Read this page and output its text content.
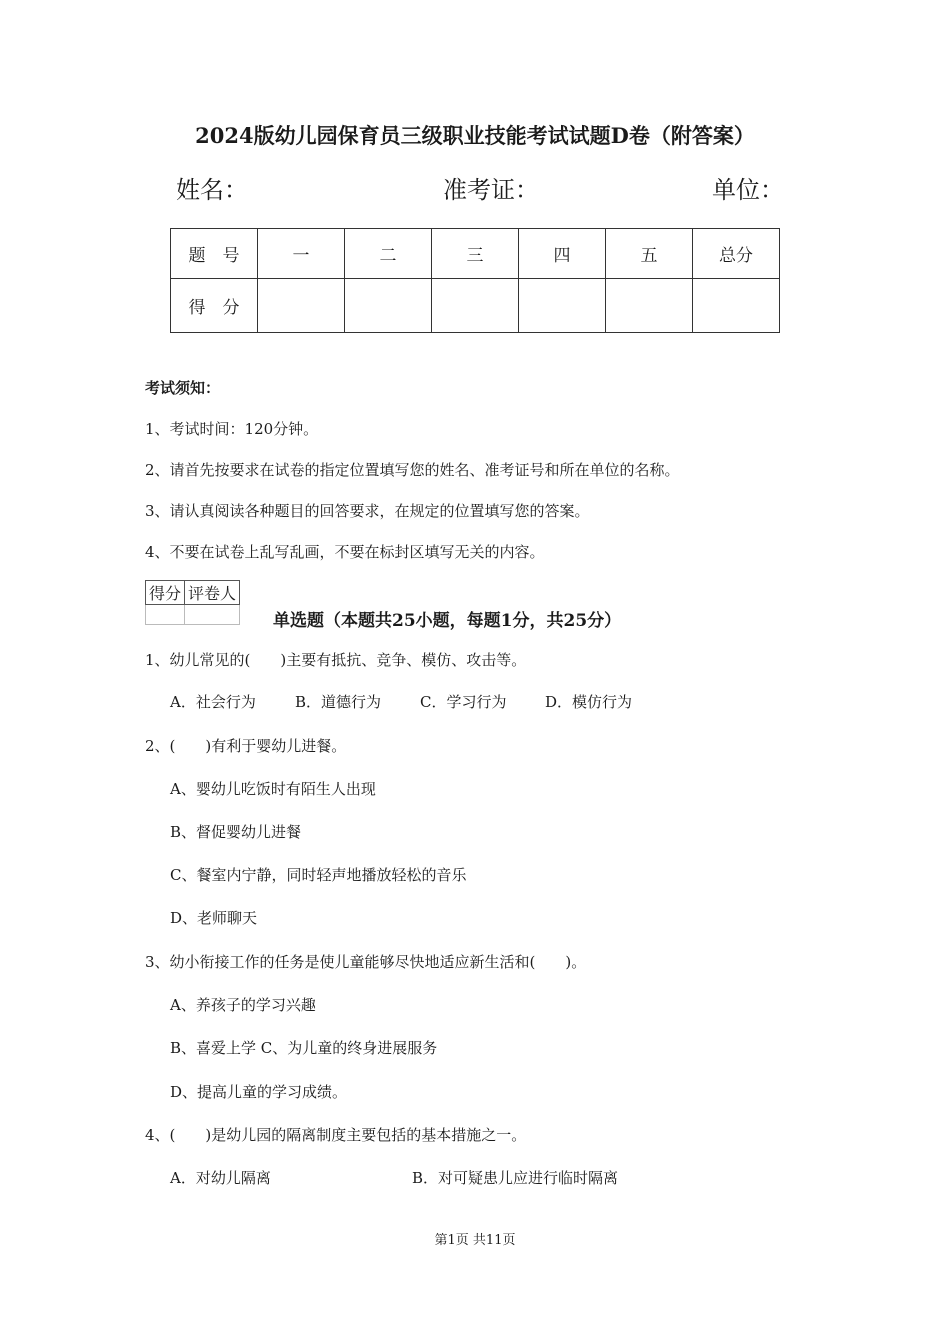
2024版幼儿园保育员三级职业技能考试试题D卷（附答案）
姓名：	准考证：	单位：
题　号	一	二	三	四	五	总分
得　分						
考试须知：
1、考试时间：120分钟。
2、请首先按要求在试卷的指定位置填写您的姓名、准考证号和所在单位的名称。
3、请认真阅读各种题目的回答要求，在规定的位置填写您的答案。
4、不要在试卷上乱写乱画，不要在标封区填写无关的内容。
得分	评卷人

单选题（本题共25小题，每题1分，共25分）
1、幼儿常见的(　　)主要有抵抗、竞争、模仿、攻击等。
A．社会行为	B．道德行为	C．学习行为	D．模仿行为
2、(　　)有利于婴幼儿进餐。
A、婴幼儿吃饭时有陌生人出现
B、督促婴幼儿进餐
C、餐室内宁静，同时轻声地播放轻松的音乐
D、老师聊天
3、幼小衔接工作的任务是使儿童能够尽快地适应新生活和(　　)。
A、养孩子的学习兴趣
B、喜爱上学 C、为儿童的终身进展服务
D、提高儿童的学习成绩。
4、(　　)是幼儿园的隔离制度主要包括的基本措施之一。
A．对幼儿隔离	B．对可疑患儿应进行临时隔离
第1页 共11页
